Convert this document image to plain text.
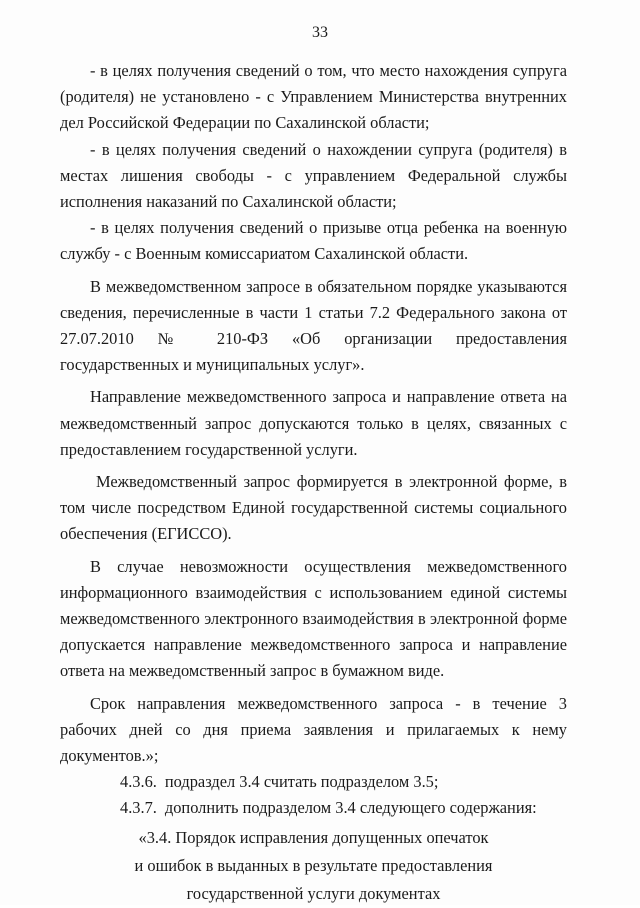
33

- в целях получения сведений о том, что место нахождения супруга (родителя) не установлено - с Управлением Министерства внутренних дел Российской Федерации по Сахалинской области;

- в целях получения сведений о нахождении супруга (родителя) в местах лишения свободы - с управлением Федеральной службы исполнения наказаний по Сахалинской области;

- в целях получения сведений о призыве отца ребенка на военную службу - с Военным комиссариатом Сахалинской области.

В межведомственном запросе в обязательном порядке указываются сведения, перечисленные в части 1 статьи 7.2 Федерального закона от 27.07.2010 № 210-ФЗ «Об организации предоставления государственных и муниципальных услуг».

Направление межведомственного запроса и направление ответа на межведомственный запрос допускаются только в целях, связанных с предоставлением государственной услуги.

Межведомственный запрос формируется в электронной форме, в том числе посредством Единой государственной системы социального обеспечения (ЕГИССО).

В случае невозможности осуществления межведомственного информационного взаимодействия с использованием единой системы межведомственного электронного взаимодействия в электронной форме допускается направление межведомственного запроса и направление ответа на межведомственный запрос в бумажном виде.

Срок направления межведомственного запроса - в течение 3 рабочих дней со дня приема заявления и прилагаемых к нему документов.»;

4.3.6. подраздел 3.4 считать подразделом 3.5;

4.3.7. дополнить подразделом 3.4 следующего содержания:

«3.4. Порядок исправления допущенных опечаток
и ошибок в выданных в результате предоставления
государственной услуги документах
